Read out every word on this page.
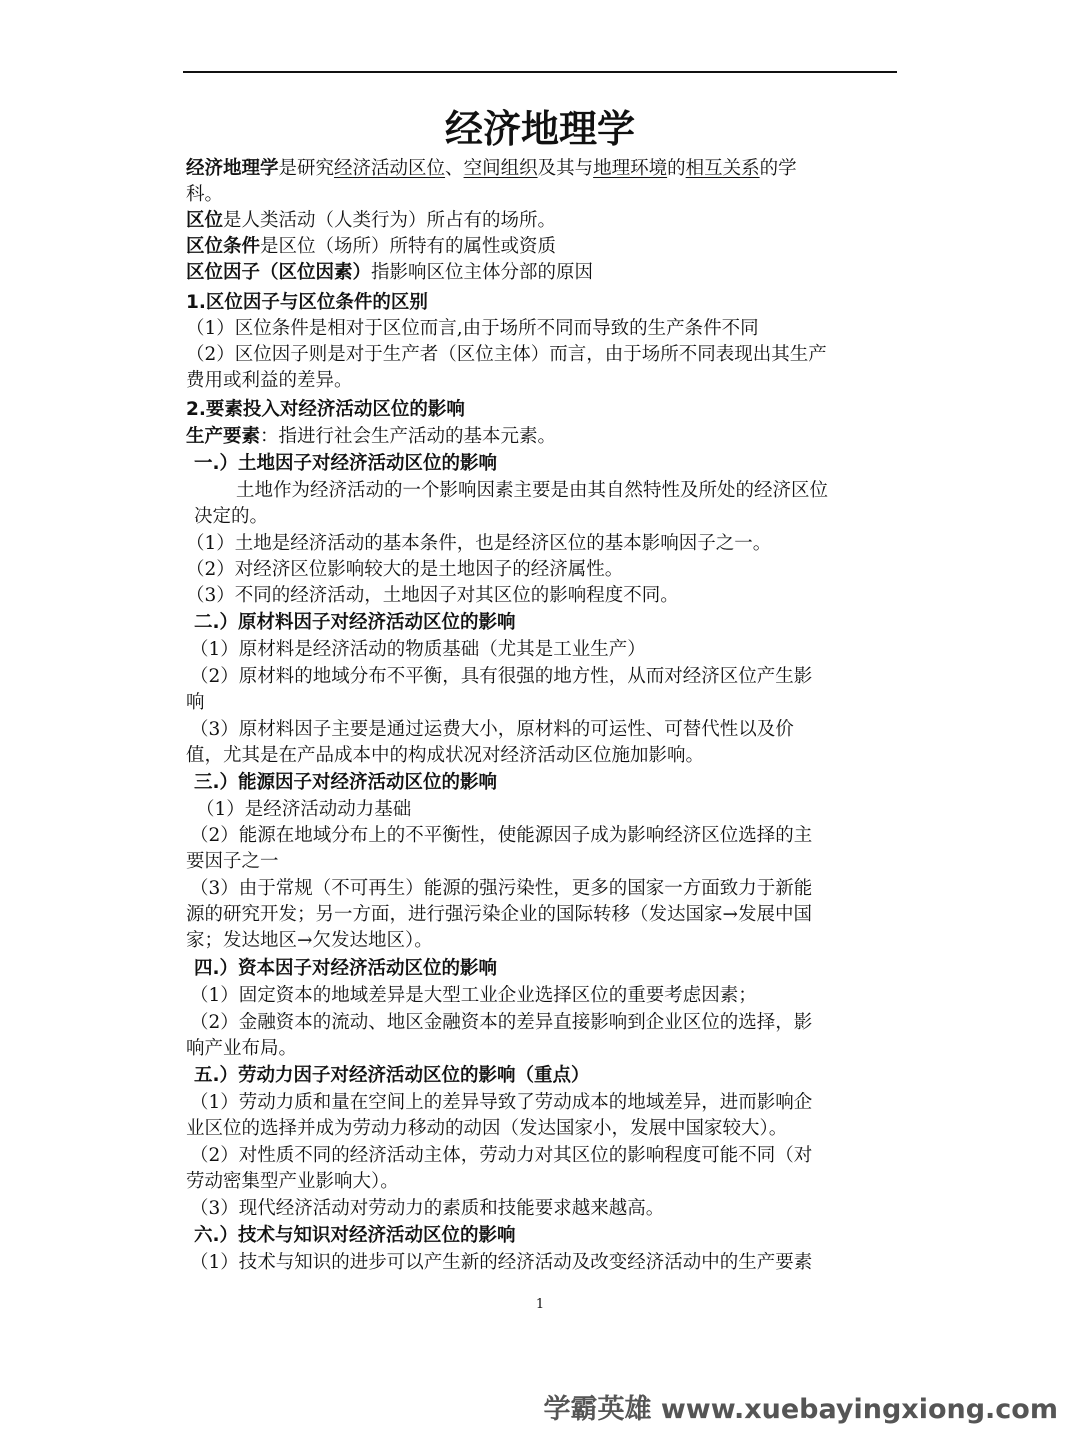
经济地理学
经济地理学是研究经济活动区位、空间组织及其与地理环境的相互关系的学
科。
区位是人类活动（人类行为）所占有的场所。
区位条件是区位（场所）所特有的属性或资质
区位因子（区位因素）指影响区位主体分部的原因
1.区位因子与区位条件的区别
（1）区位条件是相对于区位而言,由于场所不同而导致的生产条件不同
（2）区位因子则是对于生产者（区位主体）而言，由于场所不同表现出其生产
费用或利益的差异。
2.要素投入对经济活动区位的影响
生产要素：指进行社会生产活动的基本元素。
一.）土地因子对经济活动区位的影响
土地作为经济活动的一个影响因素主要是由其自然特性及所处的经济区位
决定的。
（1）土地是经济活动的基本条件，也是经济区位的基本影响因子之一。
（2）对经济区位影响较大的是土地因子的经济属性。
（3）不同的经济活动，土地因子对其区位的影响程度不同。
二.）原材料因子对经济活动区位的影响
（1）原材料是经济活动的物质基础（尤其是工业生产）
（2）原材料的地域分布不平衡，具有很强的地方性，从而对经济区位产生影
响
（3）原材料因子主要是通过运费大小，原材料的可运性、可替代性以及价
值，尤其是在产品成本中的构成状况对经济活动区位施加影响。
三.）能源因子对经济活动区位的影响
（1）是经济活动动力基础
（2）能源在地域分布上的不平衡性，使能源因子成为影响经济区位选择的主
要因子之一
（3）由于常规（不可再生）能源的强污染性，更多的国家一方面致力于新能
源的研究开发；另一方面，进行强污染企业的国际转移（发达国家→发展中国
家；发达地区→欠发达地区）。
四.）资本因子对经济活动区位的影响
（1）固定资本的地域差异是大型工业企业选择区位的重要考虑因素；
（2）金融资本的流动、地区金融资本的差异直接影响到企业区位的选择，影
响产业布局。
五.）劳动力因子对经济活动区位的影响（重点）
（1）劳动力质和量在空间上的差异导致了劳动成本的地域差异，进而影响企
业区位的选择并成为劳动力移动的动因（发达国家小，发展中国家较大）。
（2）对性质不同的经济活动主体，劳动力对其区位的影响程度可能不同（对
劳动密集型产业影响大）。
（3）现代经济活动对劳动力的素质和技能要求越来越高。
六.）技术与知识对经济活动区位的影响
（1）技术与知识的进步可以产生新的经济活动及改变经济活动中的生产要素
1
学霸英雄 www.xuebayingxiong.com
